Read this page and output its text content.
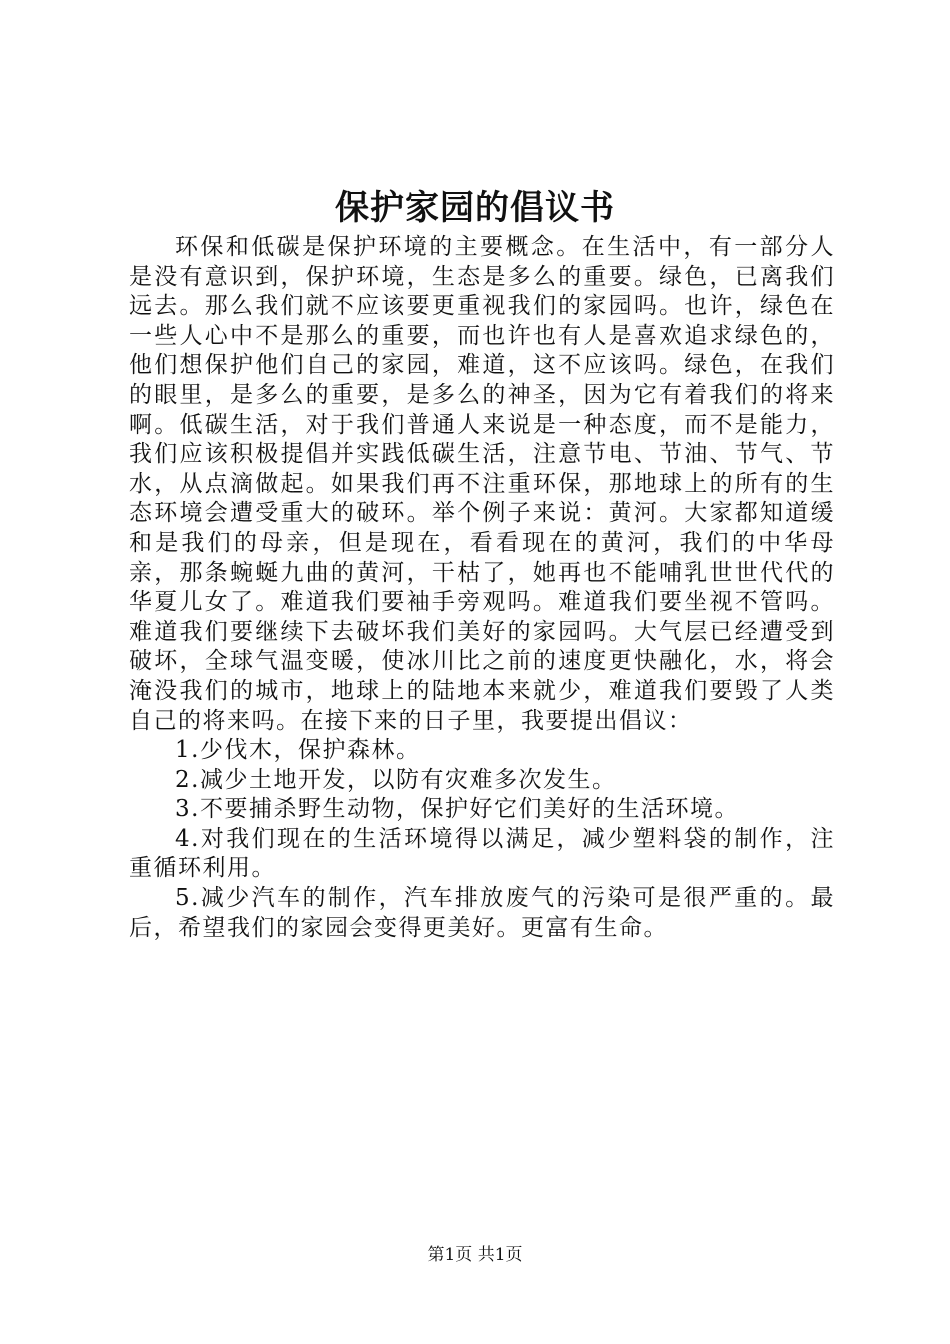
保护家园的倡议书

环保和低碳是保护环境的主要概念。在生活中，有一部分人是没有意识到，保护环境，生态是多么的重要。绿色，已离我们远去。那么我们就不应该要更重视我们的家园吗。也许，绿色在一些人心中不是那么的重要，而也许也有人是喜欢追求绿色的，他们想保护他们自己的家园，难道，这不应该吗。绿色，在我们的眼里，是多么的重要，是多么的神圣，因为它有着我们的将来啊。低碳生活，对于我们普通人来说是一种态度，而不是能力，我们应该积极提倡并实践低碳生活，注意节电、节油、节气、节水，从点滴做起。如果我们再不注重环保，那地球上的所有的生态环境会遭受重大的破环。举个例子来说：黄河。大家都知道缓和是我们的母亲，但是现在，看看现在的黄河，我们的中华母亲，那条蜿蜒九曲的黄河，干枯了，她再也不能哺乳世世代代的华夏儿女了。难道我们要袖手旁观吗。难道我们要坐视不管吗。难道我们要继续下去破坏我们美好的家园吗。大气层已经遭受到破坏，全球气温变暖，使冰川比之前的速度更快融化，水，将会淹没我们的城市，地球上的陆地本来就少，难道我们要毁了人类自己的将来吗。在接下来的日子里，我要提出倡议：

1.少伐木，保护森林。

2.减少土地开发，以防有灾难多次发生。

3.不要捕杀野生动物，保护好它们美好的生活环境。

4.对我们现在的生活环境得以满足，减少塑料袋的制作，注重循环利用。

5.减少汽车的制作，汽车排放废气的污染可是很严重的。最后，希望我们的家园会变得更美好。更富有生命。

第1页 共1页
